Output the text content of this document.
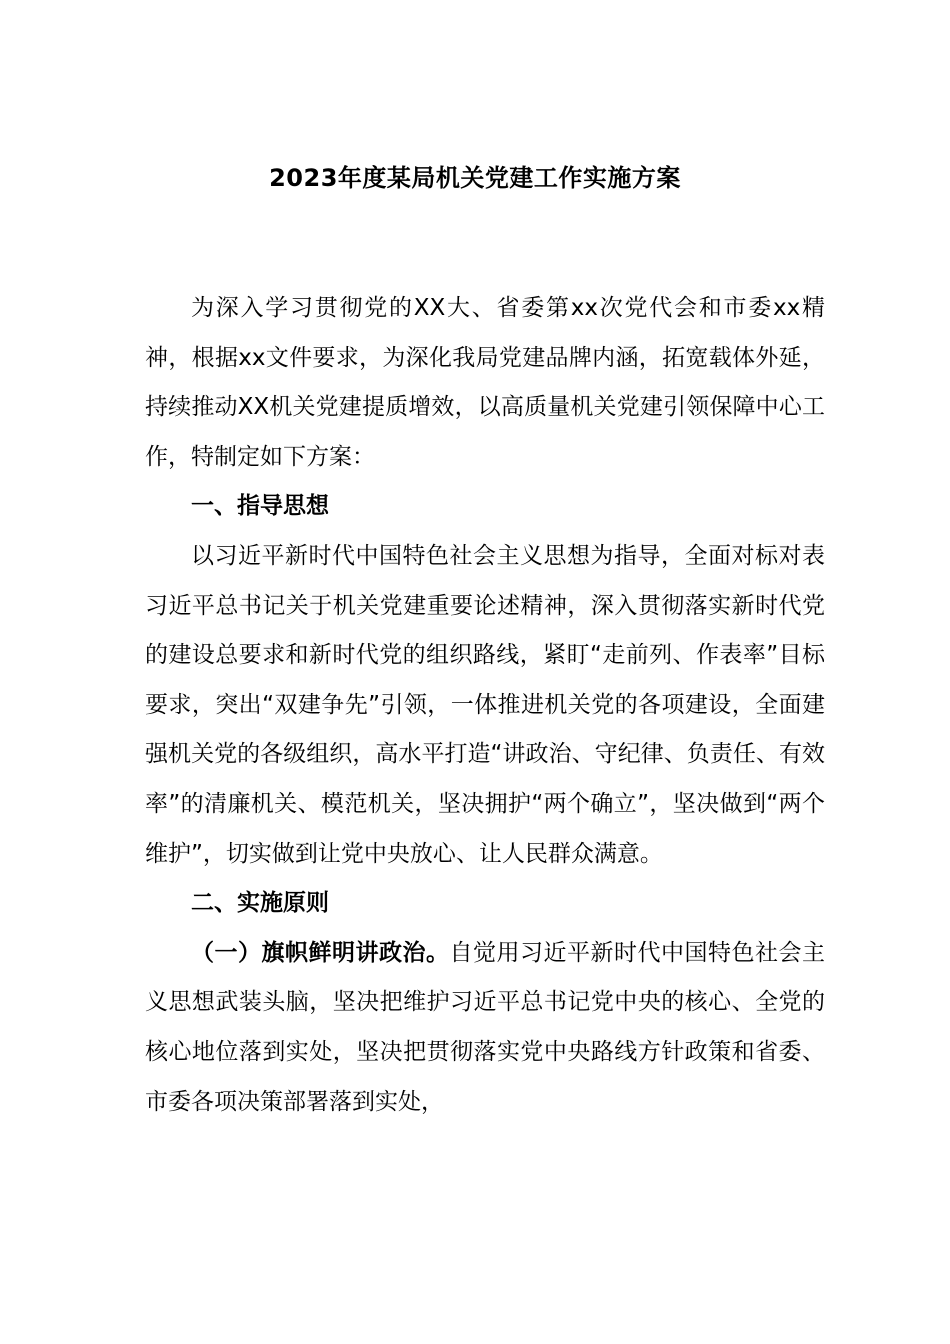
2023年度某局机关党建工作实施方案

为深入学习贯彻党的XX大、省委第xx次党代会和市委xx精神，根据xx文件要求，为深化我局党建品牌内涵，拓宽载体外延，持续推动XX机关党建提质增效，以高质量机关党建引领保障中心工作，特制定如下方案：

一、指导思想

以习近平新时代中国特色社会主义思想为指导，全面对标对表习近平总书记关于机关党建重要论述精神，深入贯彻落实新时代党的建设总要求和新时代党的组织路线，紧盯“走前列、作表率”目标要求，突出“双建争先”引领，一体推进机关党的各项建设，全面建强机关党的各级组织，高水平打造“讲政治、守纪律、负责任、有效率”的清廉机关、模范机关，坚决拥护“两个确立”，坚决做到“两个维护”，切实做到让党中央放心、让人民群众满意。

二、实施原则

（一）旗帜鲜明讲政治。自觉用习近平新时代中国特色社会主义思想武装头脑，坚决把维护习近平总书记党中央的核心、全党的核心地位落到实处，坚决把贯彻落实党中央路线方针政策和省委、市委各项决策部署落到实处，
